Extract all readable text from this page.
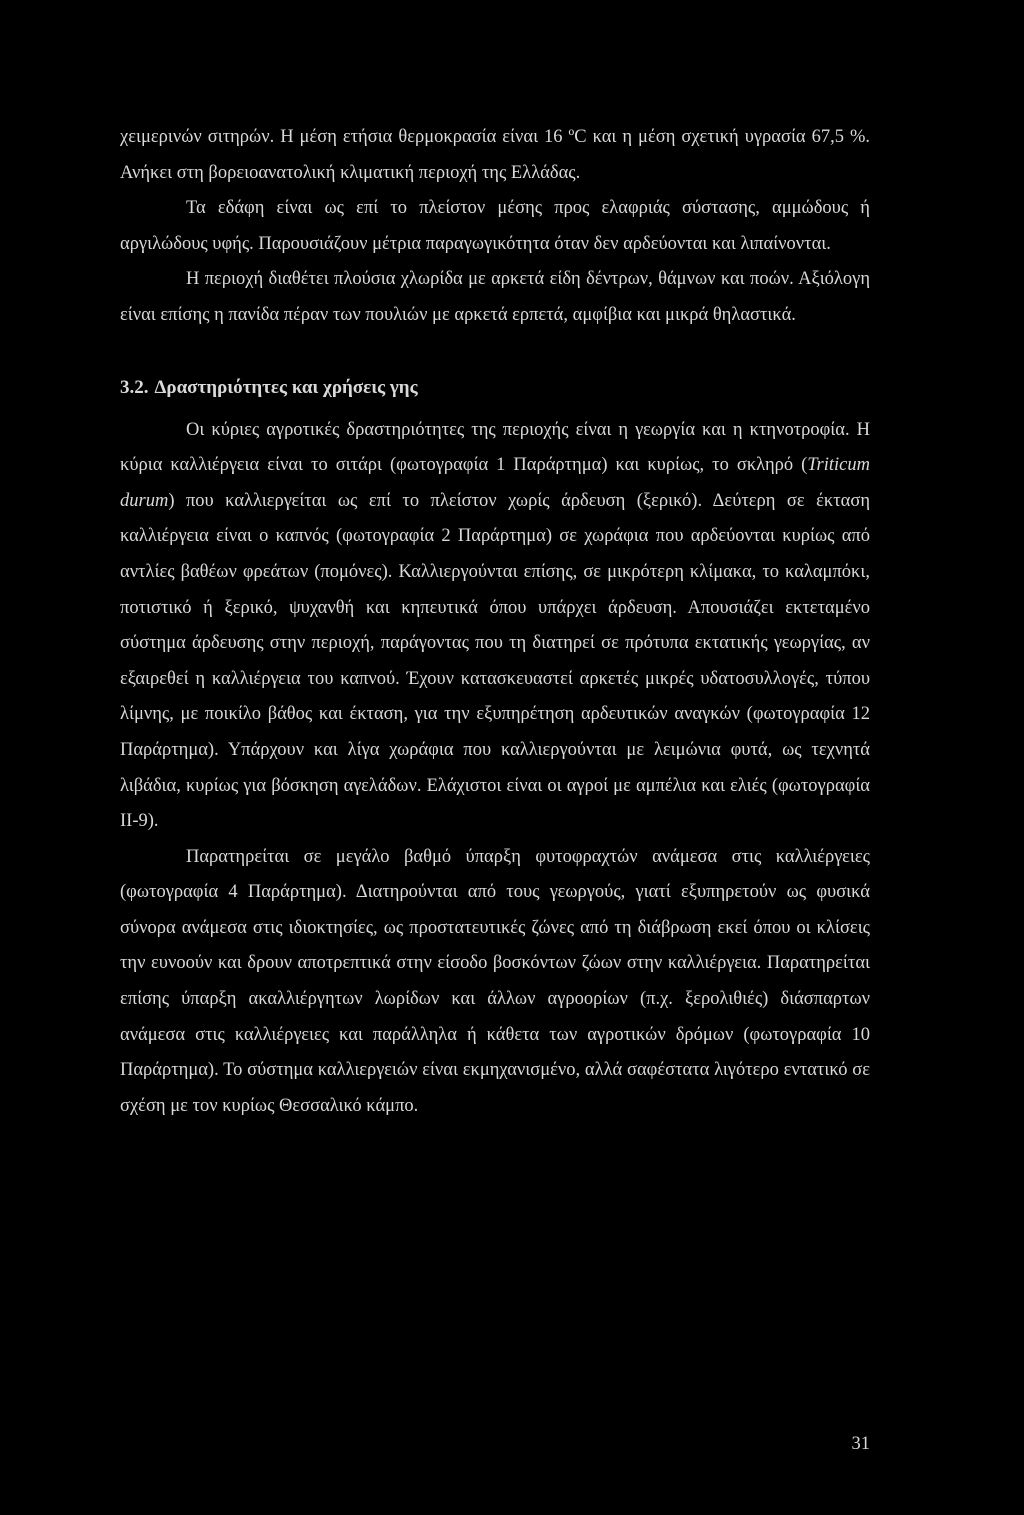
χειμερινών σιτηρών. Η μέση ετήσια θερμοκρασία είναι 16 ºC και η μέση σχετική υγρασία 67,5 %. Ανήκει στη βορειοανατολική κλιματική περιοχή της Ελλάδας.

Τα εδάφη είναι ως επί το πλείστον μέσης προς ελαφριάς σύστασης, αμμώδους ή αργιλώδους υφής. Παρουσιάζουν μέτρια παραγωγικότητα όταν δεν αρδεύονται και λιπαίνονται.

Η περιοχή διαθέτει πλούσια χλωρίδα με αρκετά είδη δέντρων, θάμνων και ποών. Αξιόλογη είναι επίσης η πανίδα πέραν των πουλιών με αρκετά ερπετά, αμφίβια και μικρά θηλαστικά.

3.2. Δραστηριότητες και χρήσεις γης

Οι κύριες αγροτικές δραστηριότητες της περιοχής είναι η γεωργία και η κτηνοτροφία. Η κύρια καλλιέργεια είναι το σιτάρι (φωτογραφία 1 Παράρτημα) και κυρίως, το σκληρό (Triticum durum) που καλλιεργείται ως επί το πλείστον χωρίς άρδευση (ξερικό). Δεύτερη σε έκταση καλλιέργεια είναι ο καπνός (φωτογραφία 2 Παράρτημα) σε χωράφια που αρδεύονται κυρίως από αντλίες βαθέων φρεάτων (πομόνες). Καλλιεργούνται επίσης, σε μικρότερη κλίμακα, το καλαμπόκι, ποτιστικό ή ξερικό, ψυχανθή και κηπευτικά όπου υπάρχει άρδευση. Απουσιάζει εκτεταμένο σύστημα άρδευσης στην περιοχή, παράγοντας που τη διατηρεί σε πρότυπα εκτατικής γεωργίας, αν εξαιρεθεί η καλλιέργεια του καπνού. Έχουν κατασκευαστεί αρκετές μικρές υδατοσυλλογές, τύπου λίμνης, με ποικίλο βάθος και έκταση, για την εξυπηρέτηση αρδευτικών αναγκών (φωτογραφία 12 Παράρτημα). Υπάρχουν και λίγα χωράφια που καλλιεργούνται με λειμώνια φυτά, ως τεχνητά λιβάδια, κυρίως για βόσκηση αγελάδων. Ελάχιστοι είναι οι αγροί με αμπέλια και ελιές (φωτογραφία ΙΙ-9).

Παρατηρείται σε μεγάλο βαθμό ύπαρξη φυτοφραχτών ανάμεσα στις καλλιέργειες (φωτογραφία 4 Παράρτημα). Διατηρούνται από τους γεωργούς, γιατί εξυπηρετούν ως φυσικά σύνορα ανάμεσα στις ιδιοκτησίες, ως προστατευτικές ζώνες από τη διάβρωση εκεί όπου οι κλίσεις την ευνοούν και δρουν αποτρεπτικά στην είσοδο βοσκόντων ζώων στην καλλιέργεια. Παρατηρείται επίσης ύπαρξη ακαλλιέργητων λωρίδων και άλλων αγροορίων (π.χ. ξερολιθιές) διάσπαρτων ανάμεσα στις καλλιέργειες και παράλληλα ή κάθετα των αγροτικών δρόμων (φωτογραφία 10 Παράρτημα). Το σύστημα καλλιεργειών είναι εκμηχανισμένο, αλλά σαφέστατα λιγότερο εντατικό σε σχέση με τον κυρίως Θεσσαλικό κάμπο.

31
